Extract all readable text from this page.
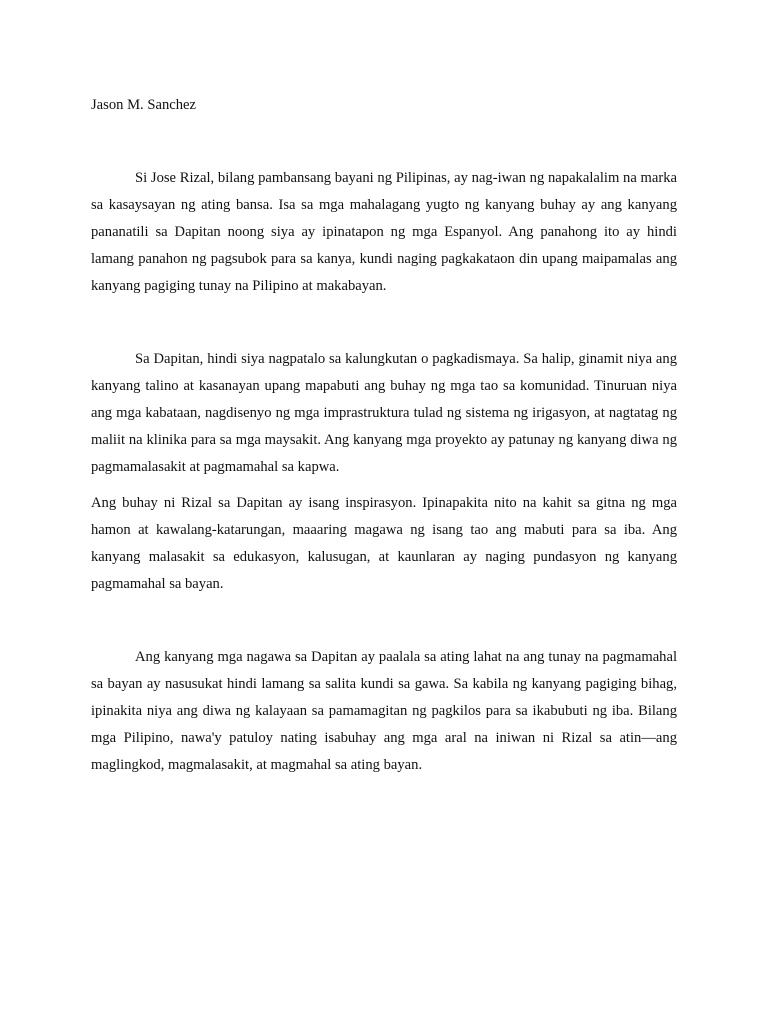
Jason M. Sanchez

Si Jose Rizal, bilang pambansang bayani ng Pilipinas, ay nag-iwan ng napakalalim na marka sa kasaysayan ng ating bansa. Isa sa mga mahalagang yugto ng kanyang buhay ay ang kanyang pananatili sa Dapitan noong siya ay ipinatapon ng mga Espanyol. Ang panahong ito ay hindi lamang panahon ng pagsubok para sa kanya, kundi naging pagkakataon din upang maipamalas ang kanyang pagiging tunay na Pilipino at makabayan.

Sa Dapitan, hindi siya nagpatalo sa kalungkutan o pagkadismaya. Sa halip, ginamit niya ang kanyang talino at kasanayan upang mapabuti ang buhay ng mga tao sa komunidad. Tinuruan niya ang mga kabataan, nagdisenyo ng mga imprastruktura tulad ng sistema ng irigasyon, at nagtatag ng maliit na klinika para sa mga maysakit. Ang kanyang mga proyekto ay patunay ng kanyang diwa ng pagmamalasakit at pagmamahal sa kapwa.

Ang buhay ni Rizal sa Dapitan ay isang inspirasyon. Ipinapakita nito na kahit sa gitna ng mga hamon at kawalang-katarungan, maaaring magawa ng isang tao ang mabuti para sa iba. Ang kanyang malasakit sa edukasyon, kalusugan, at kaunlaran ay naging pundasyon ng kanyang pagmamahal sa bayan.

Ang kanyang mga nagawa sa Dapitan ay paalala sa ating lahat na ang tunay na pagmamahal sa bayan ay nasusukat hindi lamang sa salita kundi sa gawa. Sa kabila ng kanyang pagiging bihag, ipinakita niya ang diwa ng kalayaan sa pamamagitan ng pagkilos para sa ikabubuti ng iba. Bilang mga Pilipino, nawa'y patuloy nating isabuhay ang mga aral na iniwan ni Rizal sa atin—ang maglingkod, magmalasakit, at magmahal sa ating bayan.
